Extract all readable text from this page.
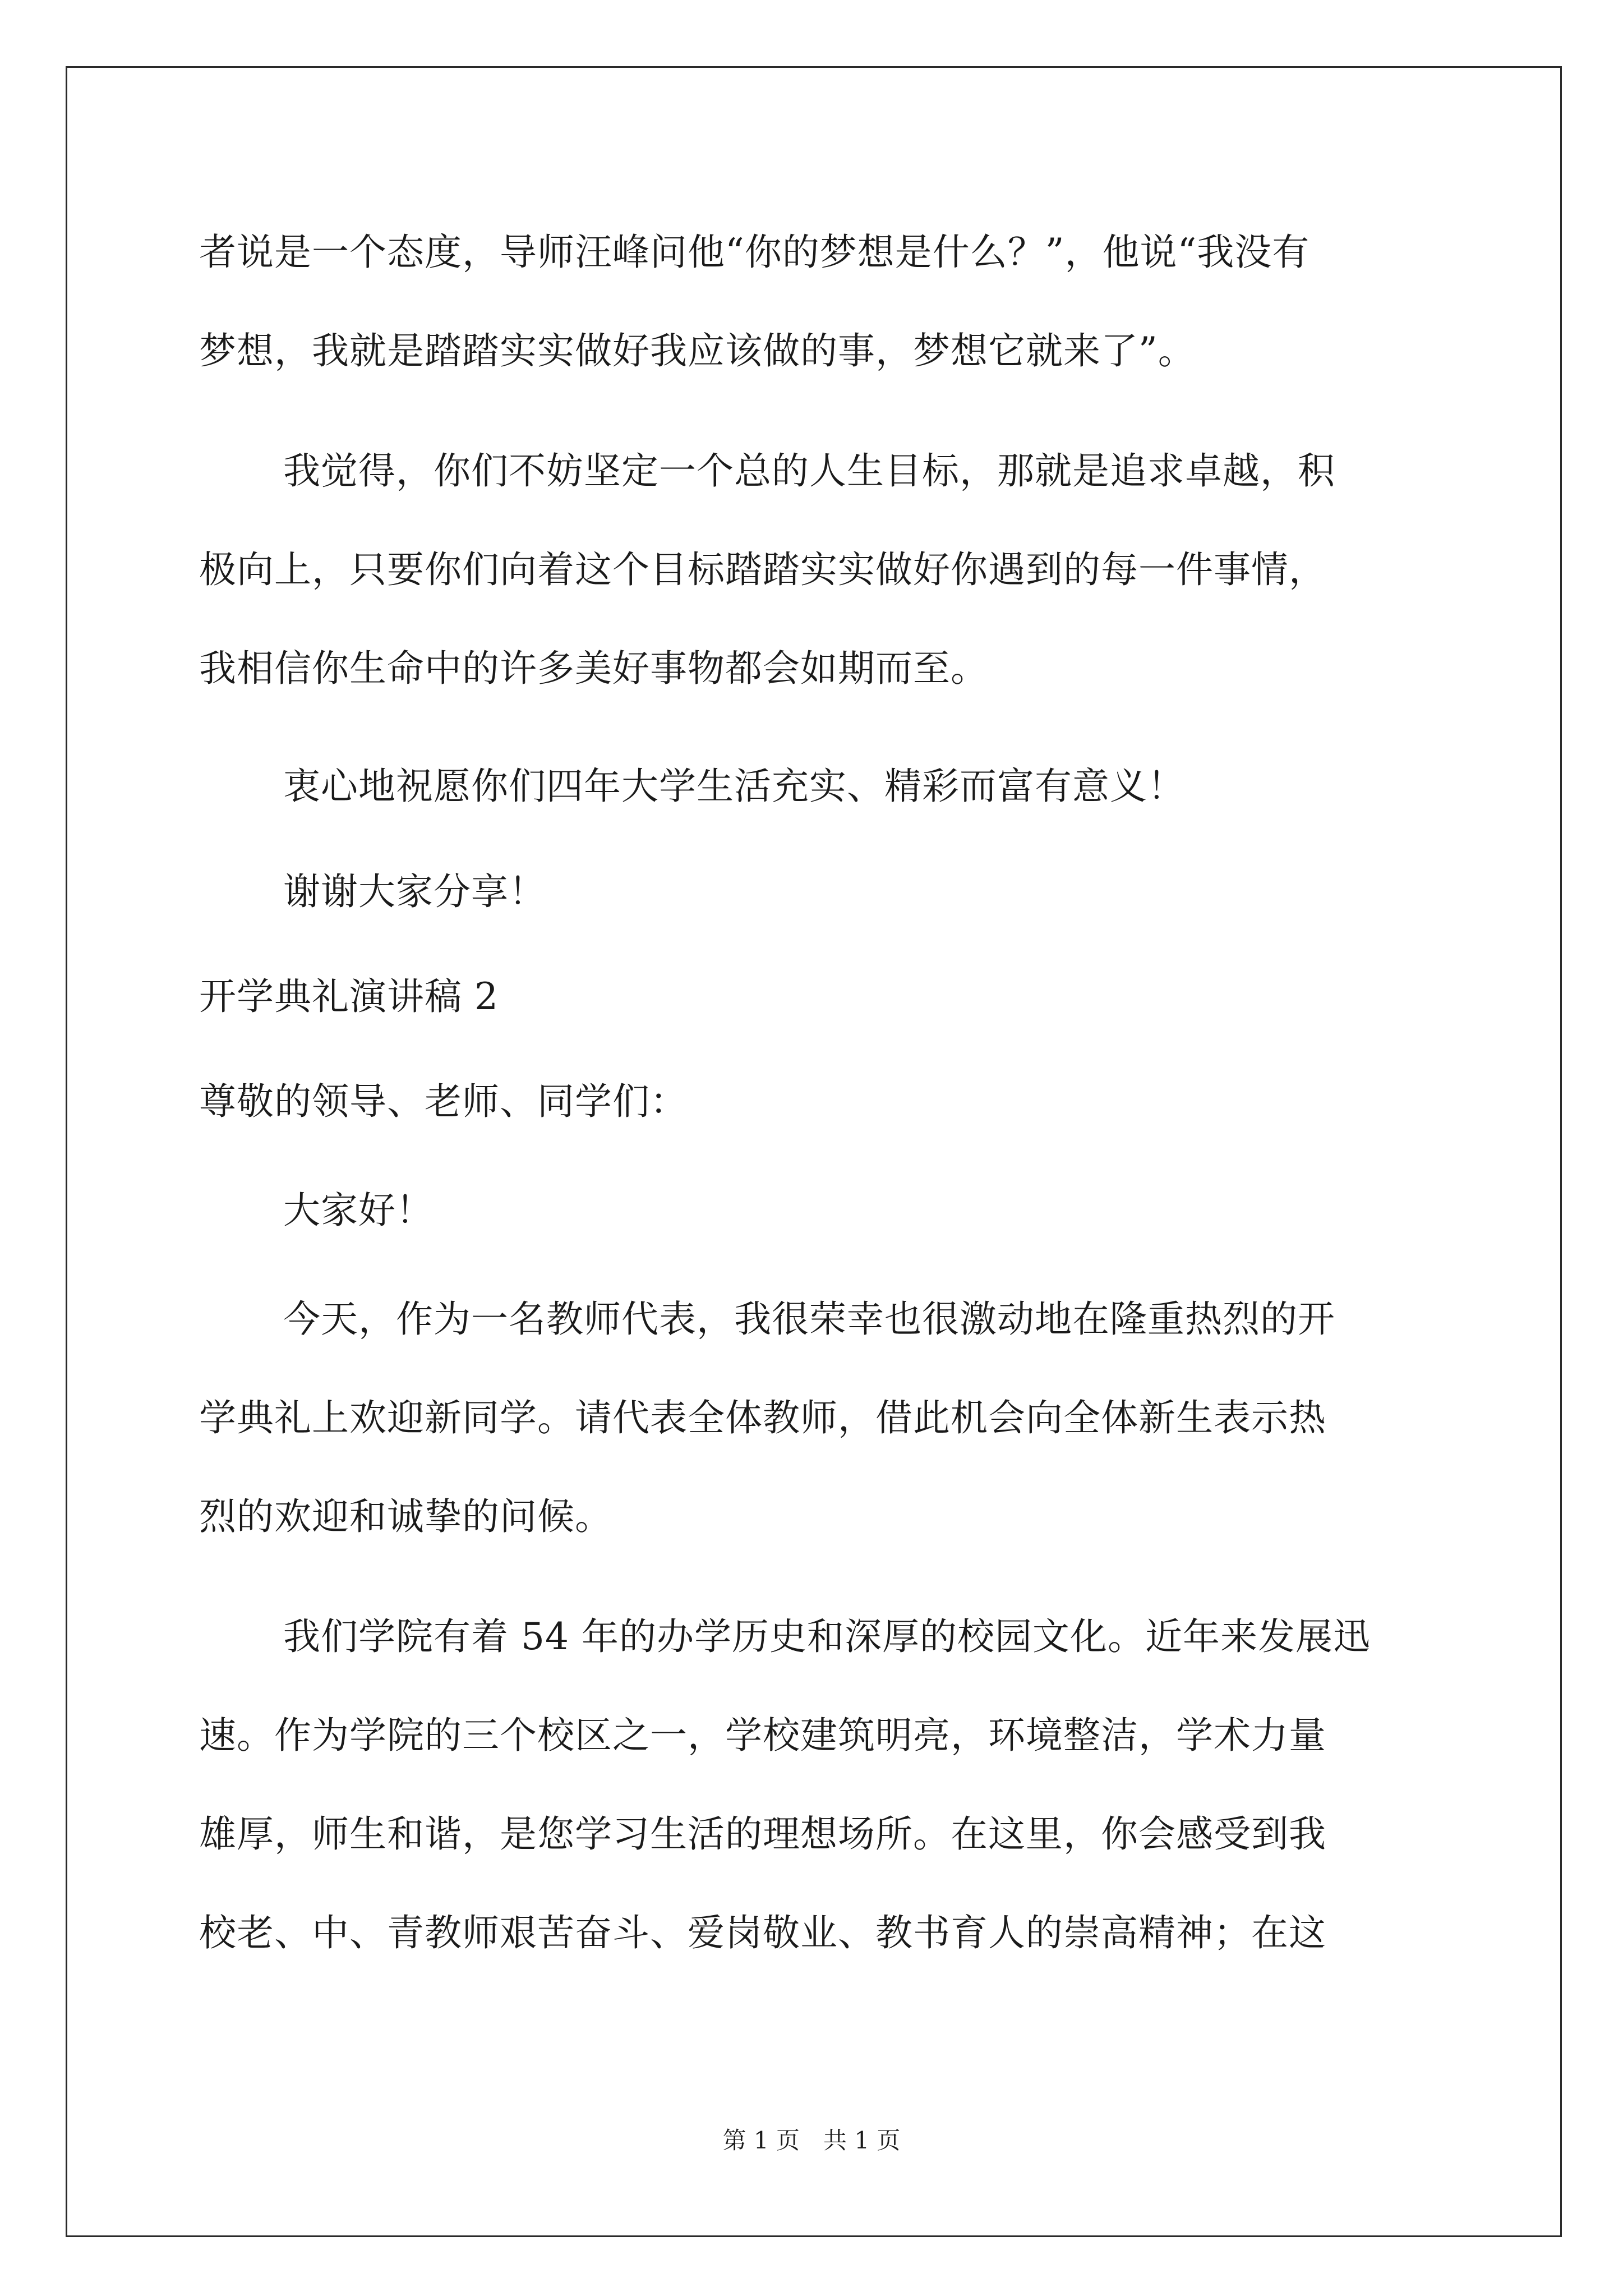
者说是一个态度，导师汪峰问他“你的梦想是什么？”，他说“我没有
梦想，我就是踏踏实实做好我应该做的事，梦想它就来了”。
我觉得，你们不妨坚定一个总的人生目标，那就是追求卓越，积
极向上，只要你们向着这个目标踏踏实实做好你遇到的每一件事情，
我相信你生命中的许多美好事物都会如期而至。
衷心地祝愿你们四年大学生活充实、精彩而富有意义！
谢谢大家分享！
开学典礼演讲稿 2
尊敬的领导、老师、同学们：
大家好！
今天，作为一名教师代表，我很荣幸也很激动地在隆重热烈的开
学典礼上欢迎新同学。请代表全体教师，借此机会向全体新生表示热
烈的欢迎和诚挚的问候。
我们学院有着 54 年的办学历史和深厚的校园文化。近年来发展迅
速。作为学院的三个校区之一，学校建筑明亮，环境整洁，学术力量
雄厚，师生和谐，是您学习生活的理想场所。在这里，你会感受到我
校老、中、青教师艰苦奋斗、爱岗敬业、教书育人的崇高精神；在这
第 1 页　共 1 页
